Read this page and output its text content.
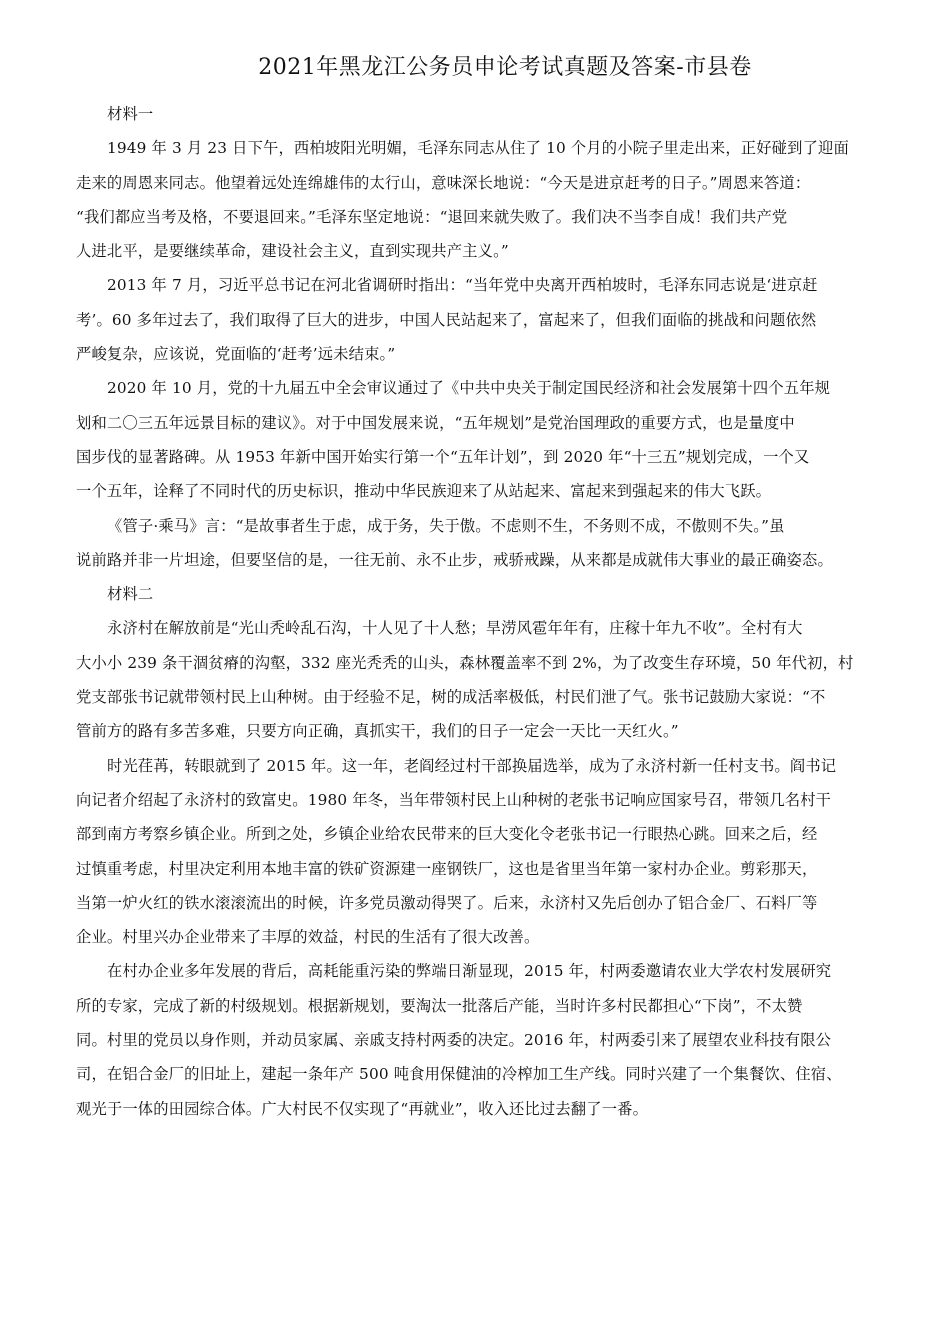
2021年黑龙江公务员申论考试真题及答案-市县卷
材料一
1949 年 3 月 23 日下午，西柏坡阳光明媚，毛泽东同志从住了 10 个月的小院子里走出来，正好碰到了迎面
走来的周恩来同志。他望着远处连绵雄伟的太行山，意味深长地说：“今天是进京赶考的日子。”周恩来答道：
“我们都应当考及格，不要退回来。”毛泽东坚定地说：“退回来就失败了。我们决不当李自成！我们共产党
人进北平，是要继续革命，建设社会主义，直到实现共产主义。”
2013 年 7 月，习近平总书记在河北省调研时指出：“当年党中央离开西柏坡时，毛泽东同志说是‘进京赶
考’。60 多年过去了，我们取得了巨大的进步，中国人民站起来了，富起来了，但我们面临的挑战和问题依然
严峻复杂，应该说，党面临的‘赶考’远未结束。”
2020 年 10 月，党的十九届五中全会审议通过了《中共中央关于制定国民经济和社会发展第十四个五年规
划和二〇三五年远景目标的建议》。对于中国发展来说，“五年规划”是党治国理政的重要方式，也是量度中
国步伐的显著路碑。从 1953 年新中国开始实行第一个“五年计划”，到 2020 年“十三五”规划完成，一个又
一个五年，诠释了不同时代的历史标识，推动中华民族迎来了从站起来、富起来到强起来的伟大飞跃。
《管子·乘马》言：“是故事者生于虑，成于务，失于傲。不虑则不生，不务则不成，不傲则不失。”虽
说前路并非一片坦途，但要坚信的是，一往无前、永不止步，戒骄戒躁，从来都是成就伟大事业的最正确姿态。
材料二
永济村在解放前是“光山秃岭乱石沟，十人见了十人愁；旱涝风雹年年有，庄稼十年九不收”。全村有大
大小小 239 条干涸贫瘠的沟壑，332 座光秃秃的山头，森林覆盖率不到 2%，为了改变生存环境，50 年代初，村
党支部张书记就带领村民上山种树。由于经验不足，树的成活率极低，村民们泄了气。张书记鼓励大家说：“不
管前方的路有多苦多难，只要方向正确，真抓实干，我们的日子一定会一天比一天红火。”
时光荏苒，转眼就到了 2015 年。这一年，老阎经过村干部换届选举，成为了永济村新一任村支书。阎书记
向记者介绍起了永济村的致富史。1980 年冬，当年带领村民上山种树的老张书记响应国家号召，带领几名村干
部到南方考察乡镇企业。所到之处，乡镇企业给农民带来的巨大变化令老张书记一行眼热心跳。回来之后，经
过慎重考虑，村里决定利用本地丰富的铁矿资源建一座钢铁厂，这也是省里当年第一家村办企业。剪彩那天，
当第一炉火红的铁水滚滚流出的时候，许多党员激动得哭了。后来，永济村又先后创办了铝合金厂、石料厂等
企业。村里兴办企业带来了丰厚的效益，村民的生活有了很大改善。
在村办企业多年发展的背后，高耗能重污染的弊端日渐显现，2015 年，村两委邀请农业大学农村发展研究
所的专家，完成了新的村级规划。根据新规划，要淘汰一批落后产能，当时许多村民都担心“下岗”，不太赞
同。村里的党员以身作则，并动员家属、亲戚支持村两委的决定。2016 年，村两委引来了展望农业科技有限公
司，在铝合金厂的旧址上，建起一条年产 500 吨食用保健油的冷榨加工生产线。同时兴建了一个集餐饮、住宿、
观光于一体的田园综合体。广大村民不仅实现了“再就业”，收入还比过去翻了一番。
